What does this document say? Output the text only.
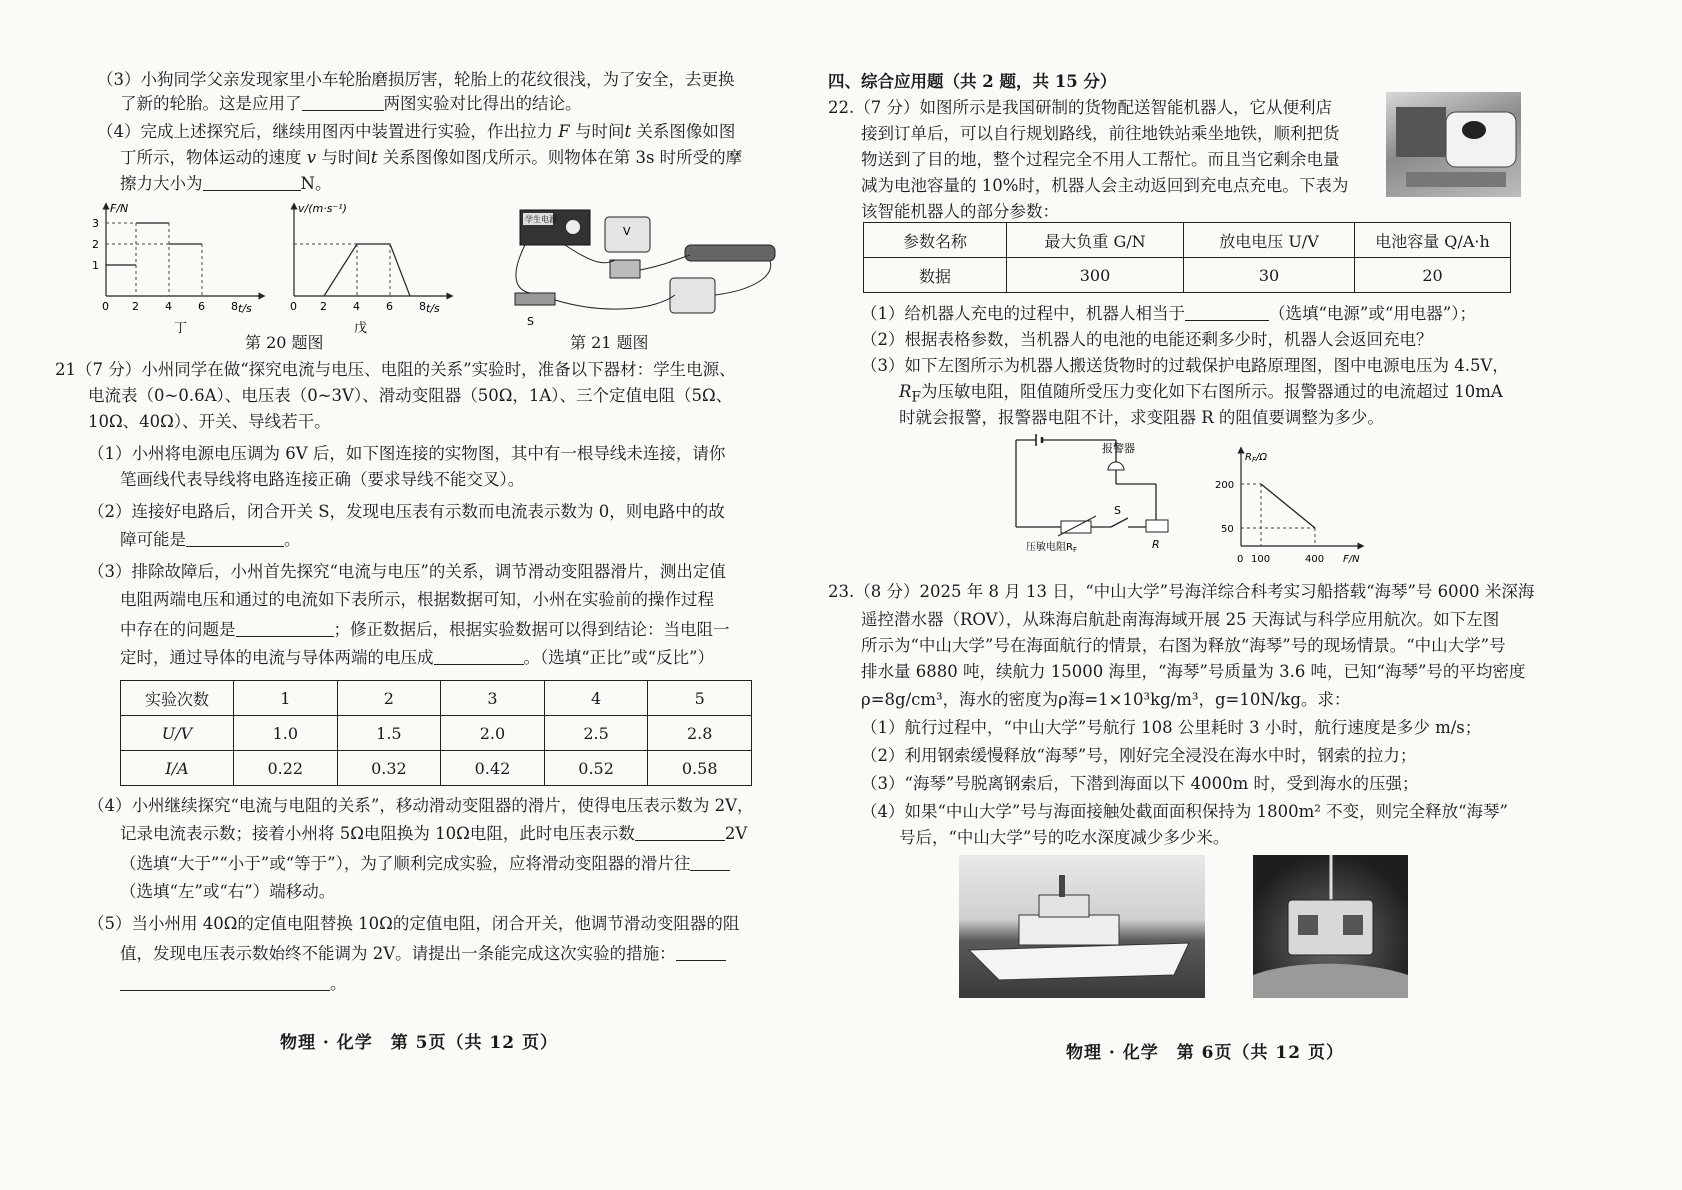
（3）小狗同学父亲发现家里小车轮胎磨损厉害，轮胎上的花纹很浅，为了安全，去更换

了新的轮胎。这是应用了	两图实验对比得出的结论。

（4）完成上述探究后，继续用图丙中装置进行实验，作出拉力 F 与时间t 关系图像如图

丁所示，物体运动的速度 v 与时间t 关系图像如图戊所示。则物体在第 3s 时所受的摩

擦力大小为	N。

F/N
t/s
3
2
1
0 2 4 6 8
丁
v/(m·s⁻¹)
t/s
0 2 4 6 8
戊
学生电源
V
S
第 20 题图	第 21 题图

21（7 分）小州同学在做“探究电流与电压、电阻的关系”实验时，准备以下器材：学生电源、

电流表（0~0.6A）、电压表（0~3V）、滑动变阻器（50Ω，1A）、三个定值电阻（5Ω、

10Ω、40Ω）、开关、导线若干。

（1）小州将电源电压调为 6V 后，如下图连接的实物图，其中有一根导线未连接，请你

笔画线代表导线将电路连接正确（要求导线不能交叉）。

（2）连接好电路后，闭合开关 S，发现电压表有示数而电流表示数为 0，则电路中的故

障可能是	。

（3）排除故障后，小州首先探究“电流与电压”的关系，调节滑动变阻器滑片，测出定值

电阻两端电压和通过的电流如下表所示，根据数据可知，小州在实验前的操作过程

中存在的问题是	；修正数据后，根据实验数据可以得到结论：当电阻一

定时，通过导体的电流与导体两端的电压成	。（选填“正比”或“反比”）

实验次数	1	2	3	4	5
U/V	1.0	1.5	2.0	2.5	2.8
I/A	0.22	0.32	0.42	0.52	0.58

（4）小州继续探究“电流与电阻的关系”，移动滑动变阻器的滑片，使得电压表示数为 2V，

记录电流表示数；接着小州将 5Ω电阻换为 10Ω电阻，此时电压表示数	2V

（选填“大于”“小于”或“等于”），为了顺利完成实验，应将滑动变阻器的滑片往

（选填“左”或“右”）端移动。

（5）当小州用 40Ω的定值电阻替换 10Ω的定值电阻，闭合开关，他调节滑动变阻器的阻

值，发现电压表示数始终不能调为 2V。请提出一条能完成这次实验的措施：

。

物理 · 化学　第 5页（共 12 页）

四、综合应用题（共 2 题，共 15 分）

22.（7 分）如图所示是我国研制的货物配送智能机器人，它从便利店

接到订单后，可以自行规划路线，前往地铁站乘坐地铁，顺利把货

物送到了目的地，整个过程完全不用人工帮忙。而且当它剩余电量

减为电池容量的 10%时，机器人会主动返回到充电点充电。下表为

该智能机器人的部分参数：

参数名称	最大负重 G/N	放电电压 U/V	电池容量 Q/A·h
数据	300	30	20

（1）给机器人充电的过程中，机器人相当于	（选填“电源”或“用电器”）；

（2）根据表格参数，当机器人的电池的电能还剩多少时，机器人会返回充电？

（3）如下左图所示为机器人搬送货物时的过载保护电路原理图，图中电源电压为 4.5V，

$R_F$为压敏电阻，阻值随所受压力变化如下右图所示。报警器通过的电流超过 10mA

时就会报警，报警器电阻不计，求变阻器 R 的阻值要调整为多少。

报警器
S
压敏电阻$R_F$	R
$R_F/\Omega$
F/N
200
50
0 100	400

23.（8 分）2025 年 8 月 13 日，“中山大学”号海洋综合科考实习船搭载“海琴”号 6000 米深海

遥控潜水器（ROV），从珠海启航赴南海海域开展 25 天海试与科学应用航次。如下左图

所示为“中山大学”号在海面航行的情景，右图为释放“海琴”号的现场情景。“中山大学”号

排水量 6880 吨，续航力 15000 海里，“海琴”号质量为 3.6 吨，已知“海琴”号的平均密度

ρ=8g/cm³，海水的密度为ρ海=1×10³kg/m³，g=10N/kg。求：

（1）航行过程中，“中山大学”号航行 108 公里耗时 3 小时，航行速度是多少 m/s；

（2）利用钢索缓慢释放“海琴”号，刚好完全浸没在海水中时，钢索的拉力；

（3）“海琴”号脱离钢索后，下潜到海面以下 4000m 时，受到海水的压强；

（4）如果“中山大学”号与海面接触处截面面积保持为 1800m² 不变，则完全释放“海琴”

号后，“中山大学”号的吃水深度减少多少米。

物理 · 化学　第 6页（共 12 页）
